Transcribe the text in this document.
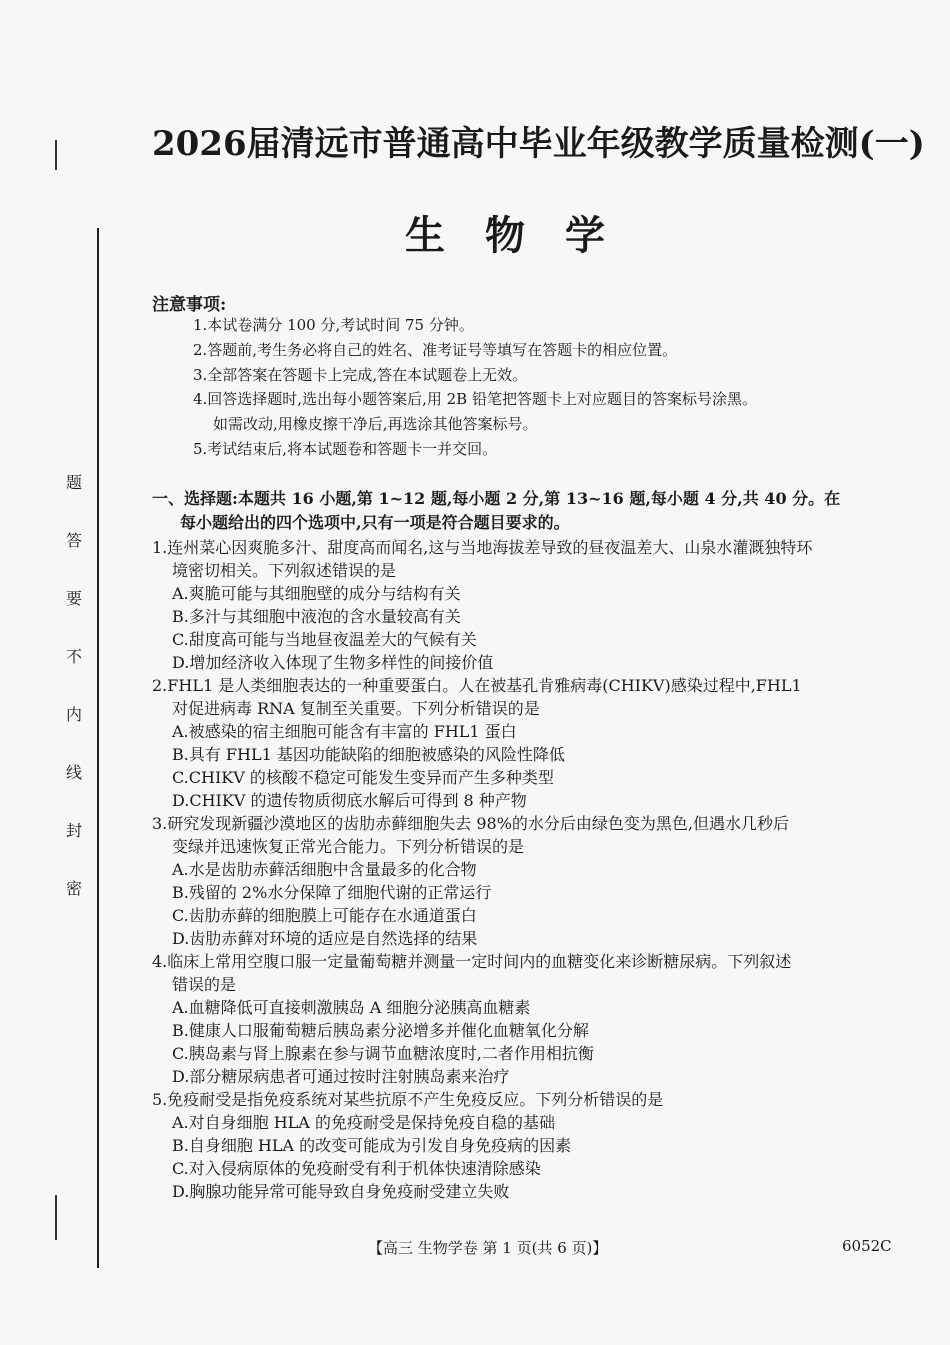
题
答
要
不
内
线
封
密
2026届清远市普通高中毕业年级教学质量检测(一)
生物学
注意事项:
1.本试卷满分 100 分,考试时间 75 分钟。
2.答题前,考生务必将自己的姓名、准考证号等填写在答题卡的相应位置。
3.全部答案在答题卡上完成,答在本试题卷上无效。
4.回答选择题时,选出每小题答案后,用 2B 铅笔把答题卡上对应题目的答案标号涂黑。
如需改动,用橡皮擦干净后,再选涂其他答案标号。
5.考试结束后,将本试题卷和答题卡一并交回。
一、选择题:本题共 16 小题,第 1~12 题,每小题 2 分,第 13~16 题,每小题 4 分,共 40 分。在
每小题给出的四个选项中,只有一项是符合题目要求的。
1.连州菜心因爽脆多汁、甜度高而闻名,这与当地海拔差导致的昼夜温差大、山泉水灌溉独特环
境密切相关。下列叙述错误的是
A.爽脆可能与其细胞壁的成分与结构有关
B.多汁与其细胞中液泡的含水量较高有关
C.甜度高可能与当地昼夜温差大的气候有关
D.增加经济收入体现了生物多样性的间接价值
2.FHL1 是人类细胞表达的一种重要蛋白。人在被基孔肯雅病毒(CHIKV)感染过程中,FHL1
对促进病毒 RNA 复制至关重要。下列分析错误的是
A.被感染的宿主细胞可能含有丰富的 FHL1 蛋白
B.具有 FHL1 基因功能缺陷的细胞被感染的风险性降低
C.CHIKV 的核酸不稳定可能发生变异而产生多种类型
D.CHIKV 的遗传物质彻底水解后可得到 8 种产物
3.研究发现新疆沙漠地区的齿肋赤藓细胞失去 98%的水分后由绿色变为黑色,但遇水几秒后
变绿并迅速恢复正常光合能力。下列分析错误的是
A.水是齿肋赤藓活细胞中含量最多的化合物
B.残留的 2%水分保障了细胞代谢的正常运行
C.齿肋赤藓的细胞膜上可能存在水通道蛋白
D.齿肋赤藓对环境的适应是自然选择的结果
4.临床上常用空腹口服一定量葡萄糖并测量一定时间内的血糖变化来诊断糖尿病。下列叙述
错误的是
A.血糖降低可直接刺激胰岛 A 细胞分泌胰高血糖素
B.健康人口服葡萄糖后胰岛素分泌增多并催化血糖氧化分解
C.胰岛素与肾上腺素在参与调节血糖浓度时,二者作用相抗衡
D.部分糖尿病患者可通过按时注射胰岛素来治疗
5.免疫耐受是指免疫系统对某些抗原不产生免疫反应。下列分析错误的是
A.对自身细胞 HLA 的免疫耐受是保持免疫自稳的基础
B.自身细胞 HLA 的改变可能成为引发自身免疫病的因素
C.对入侵病原体的免疫耐受有利于机体快速清除感染
D.胸腺功能异常可能导致自身免疫耐受建立失败
【高三 生物学卷 第 1 页(共 6 页)】	6052C
